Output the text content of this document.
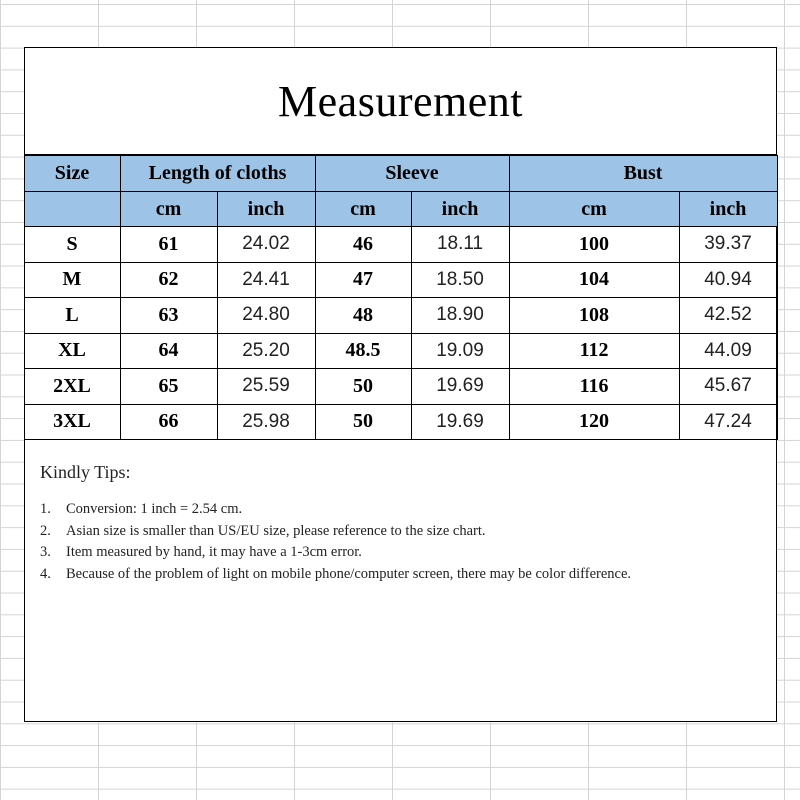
Measurement
Size	Length of cloths		Sleeve		Bust	
	cm	inch	cm	inch	cm	inch
S	61	24.02	46	18.11	100	39.37
M	62	24.41	47	18.50	104	40.94
L	63	24.80	48	18.90	108	42.52
XL	64	25.20	48.5	19.09	112	44.09
2XL	65	25.59	50	19.69	116	45.67
3XL	66	25.98	50	19.69	120	47.24
Kindly Tips:
1.	Conversion: 1 inch = 2.54 cm.
2.	Asian size is smaller than US/EU size, please reference to the size chart.
3.	Item measured by hand, it may have a 1-3cm error.
4.	Because of the problem of light on mobile phone/computer screen, there may be color difference.
